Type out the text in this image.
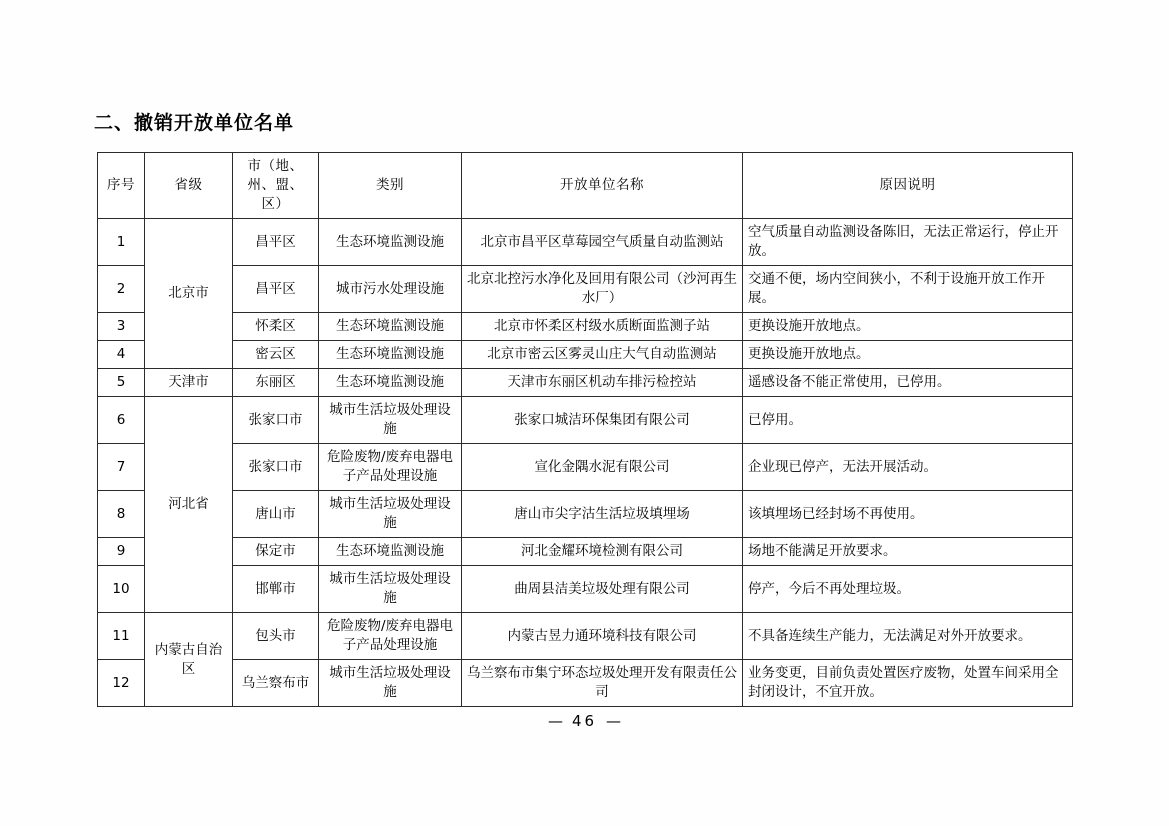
二、撤销开放单位名单
序号	省级	市（地、州、盟、区）	类别	开放单位名称	原因说明
1	北京市	昌平区	生态环境监测设施	北京市昌平区草莓园空气质量自动监测站	空气质量自动监测设备陈旧，无法正常运行，停止开放。
2		昌平区	城市污水处理设施	北京北控污水净化及回用有限公司（沙河再生水厂）	交通不便，场内空间狭小，不利于设施开放工作开展。
3		怀柔区	生态环境监测设施	北京市怀柔区村级水质断面监测子站	更换设施开放地点。
4		密云区	生态环境监测设施	北京市密云区雾灵山庄大气自动监测站	更换设施开放地点。
5	天津市	东丽区	生态环境监测设施	天津市东丽区机动车排污检控站	遥感设备不能正常使用，已停用。
6	河北省	张家口市	城市生活垃圾处理设施	张家口城洁环保集团有限公司	已停用。
7		张家口市	危险废物/废弃电器电子产品处理设施	宣化金隅水泥有限公司	企业现已停产，无法开展活动。
8		唐山市	城市生活垃圾处理设施	唐山市尖字沽生活垃圾填埋场	该填埋场已经封场不再使用。
9		保定市	生态环境监测设施	河北金耀环境检测有限公司	场地不能满足开放要求。
10		邯郸市	城市生活垃圾处理设施	曲周县洁美垃圾处理有限公司	停产，今后不再处理垃圾。
11	内蒙古自治区	包头市	危险废物/废弃电器电子产品处理设施	内蒙古昱力通环境科技有限公司	不具备连续生产能力，无法满足对外开放要求。
12		乌兰察布市	城市生活垃圾处理设施	乌兰察布市集宁环态垃圾处理开发有限责任公司	业务变更，目前负责处置医疗废物，处置车间采用全封闭设计，不宜开放。
— 46 —
